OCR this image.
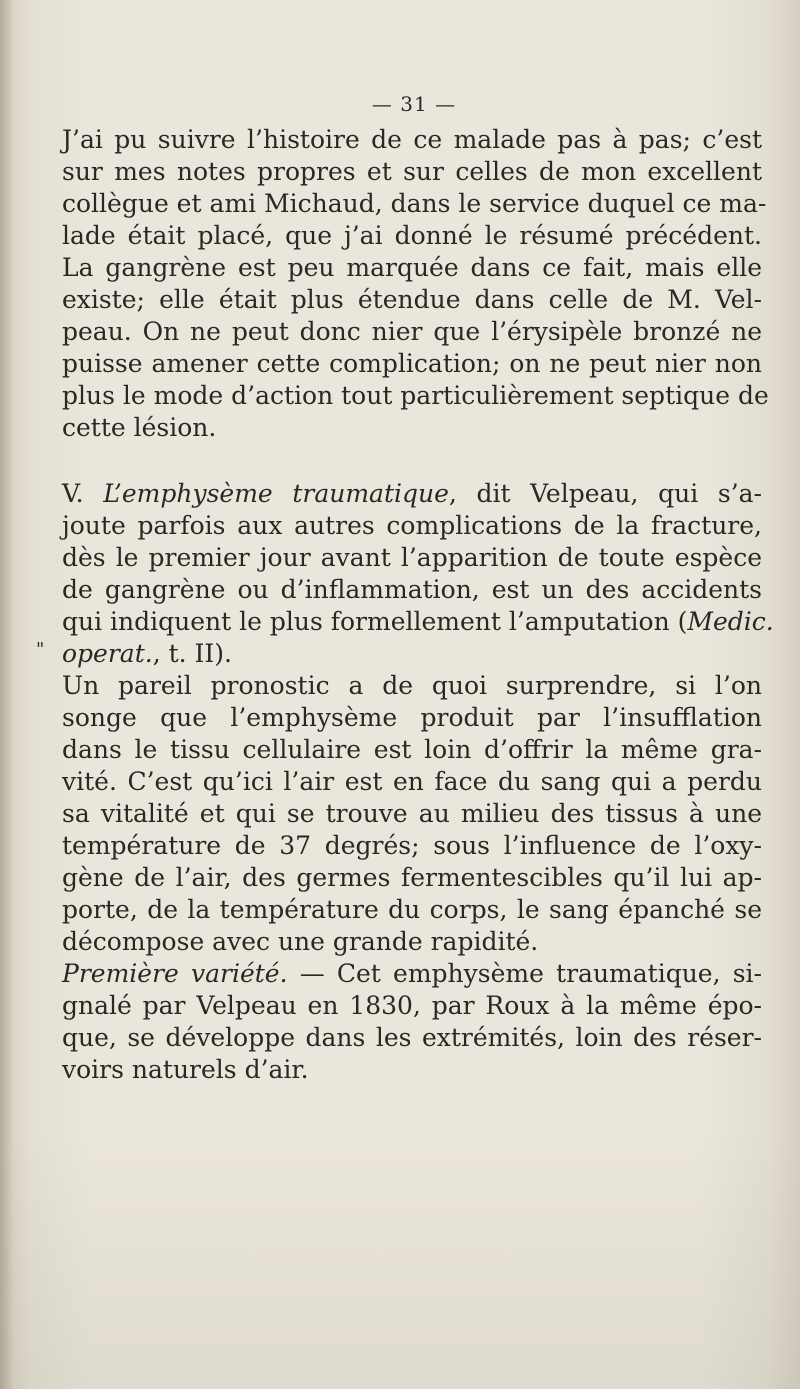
— 31 —
J’ai pu suivre l’histoire de ce malade pas à pas; c’est
sur mes notes propres et sur celles de mon excellent
collègue et ami Michaud, dans le service duquel ce ma-
lade était placé, que j’ai donné le résumé précédent.
La gangrène est peu marquée dans ce fait, mais elle
existe; elle était plus étendue dans celle de M. Vel-
peau. On ne peut donc nier que l’érysipèle bronzé ne
puisse amener cette complication; on ne peut nier non
plus le mode d’action tout particulièrement septique de
cette lésion.
V. L’emphysème traumatique, dit Velpeau, qui s’a-
joute parfois aux autres complications de la fracture,
dès le premier jour avant l’apparition de toute espèce
de gangrène ou d’inflammation, est un des accidents
qui indiquent le plus formellement l’amputation (Medic.
" operat., t. II).
Un pareil pronostic a de quoi surprendre, si l’on
songe que l’emphysème produit par l’insufflation
dans le tissu cellulaire est loin d’offrir la même gra-
vité. C’est qu’ici l’air est en face du sang qui a perdu
sa vitalité et qui se trouve au milieu des tissus à une
température de 37 degrés; sous l’influence de l’oxy-
gène de l’air, des germes fermentescibles qu’il lui ap-
porte, de la température du corps, le sang épanché se
décompose avec une grande rapidité.
Première variété. — Cet emphysème traumatique, si-
gnalé par Velpeau en 1830, par Roux à la même épo-
que, se développe dans les extrémités, loin des réser-
voirs naturels d’air.
